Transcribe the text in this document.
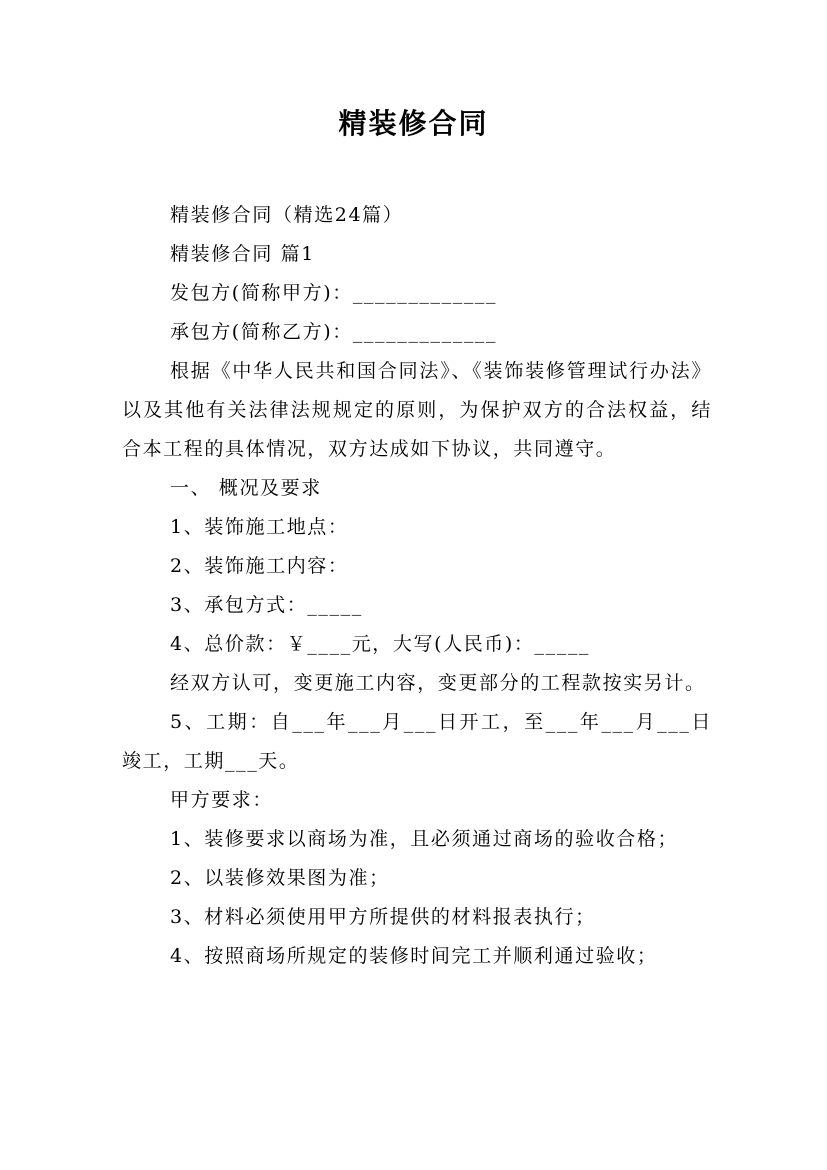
精装修合同

精装修合同（精选24篇）

精装修合同 篇1

发包方(简称甲方)：_____________

承包方(简称乙方)：_____________

根据《中华人民共和国合同法》、《装饰装修管理试行办法》以及其他有关法律法规规定的原则，为保护双方的合法权益，结合本工程的具体情况，双方达成如下协议，共同遵守。

一、 概况及要求

1、装饰施工地点：

2、装饰施工内容：

3、承包方式：_____

4、总价款：￥____元，大写(人民币)：_____

经双方认可，变更施工内容，变更部分的工程款按实另计。

5、工期：自___年___月___日开工，至___年___月___日竣工，工期___天。

甲方要求：

1、装修要求以商场为准，且必须通过商场的验收合格；

2、以装修效果图为准；

3、材料必须使用甲方所提供的材料报表执行；

4、按照商场所规定的装修时间完工并顺利通过验收；
